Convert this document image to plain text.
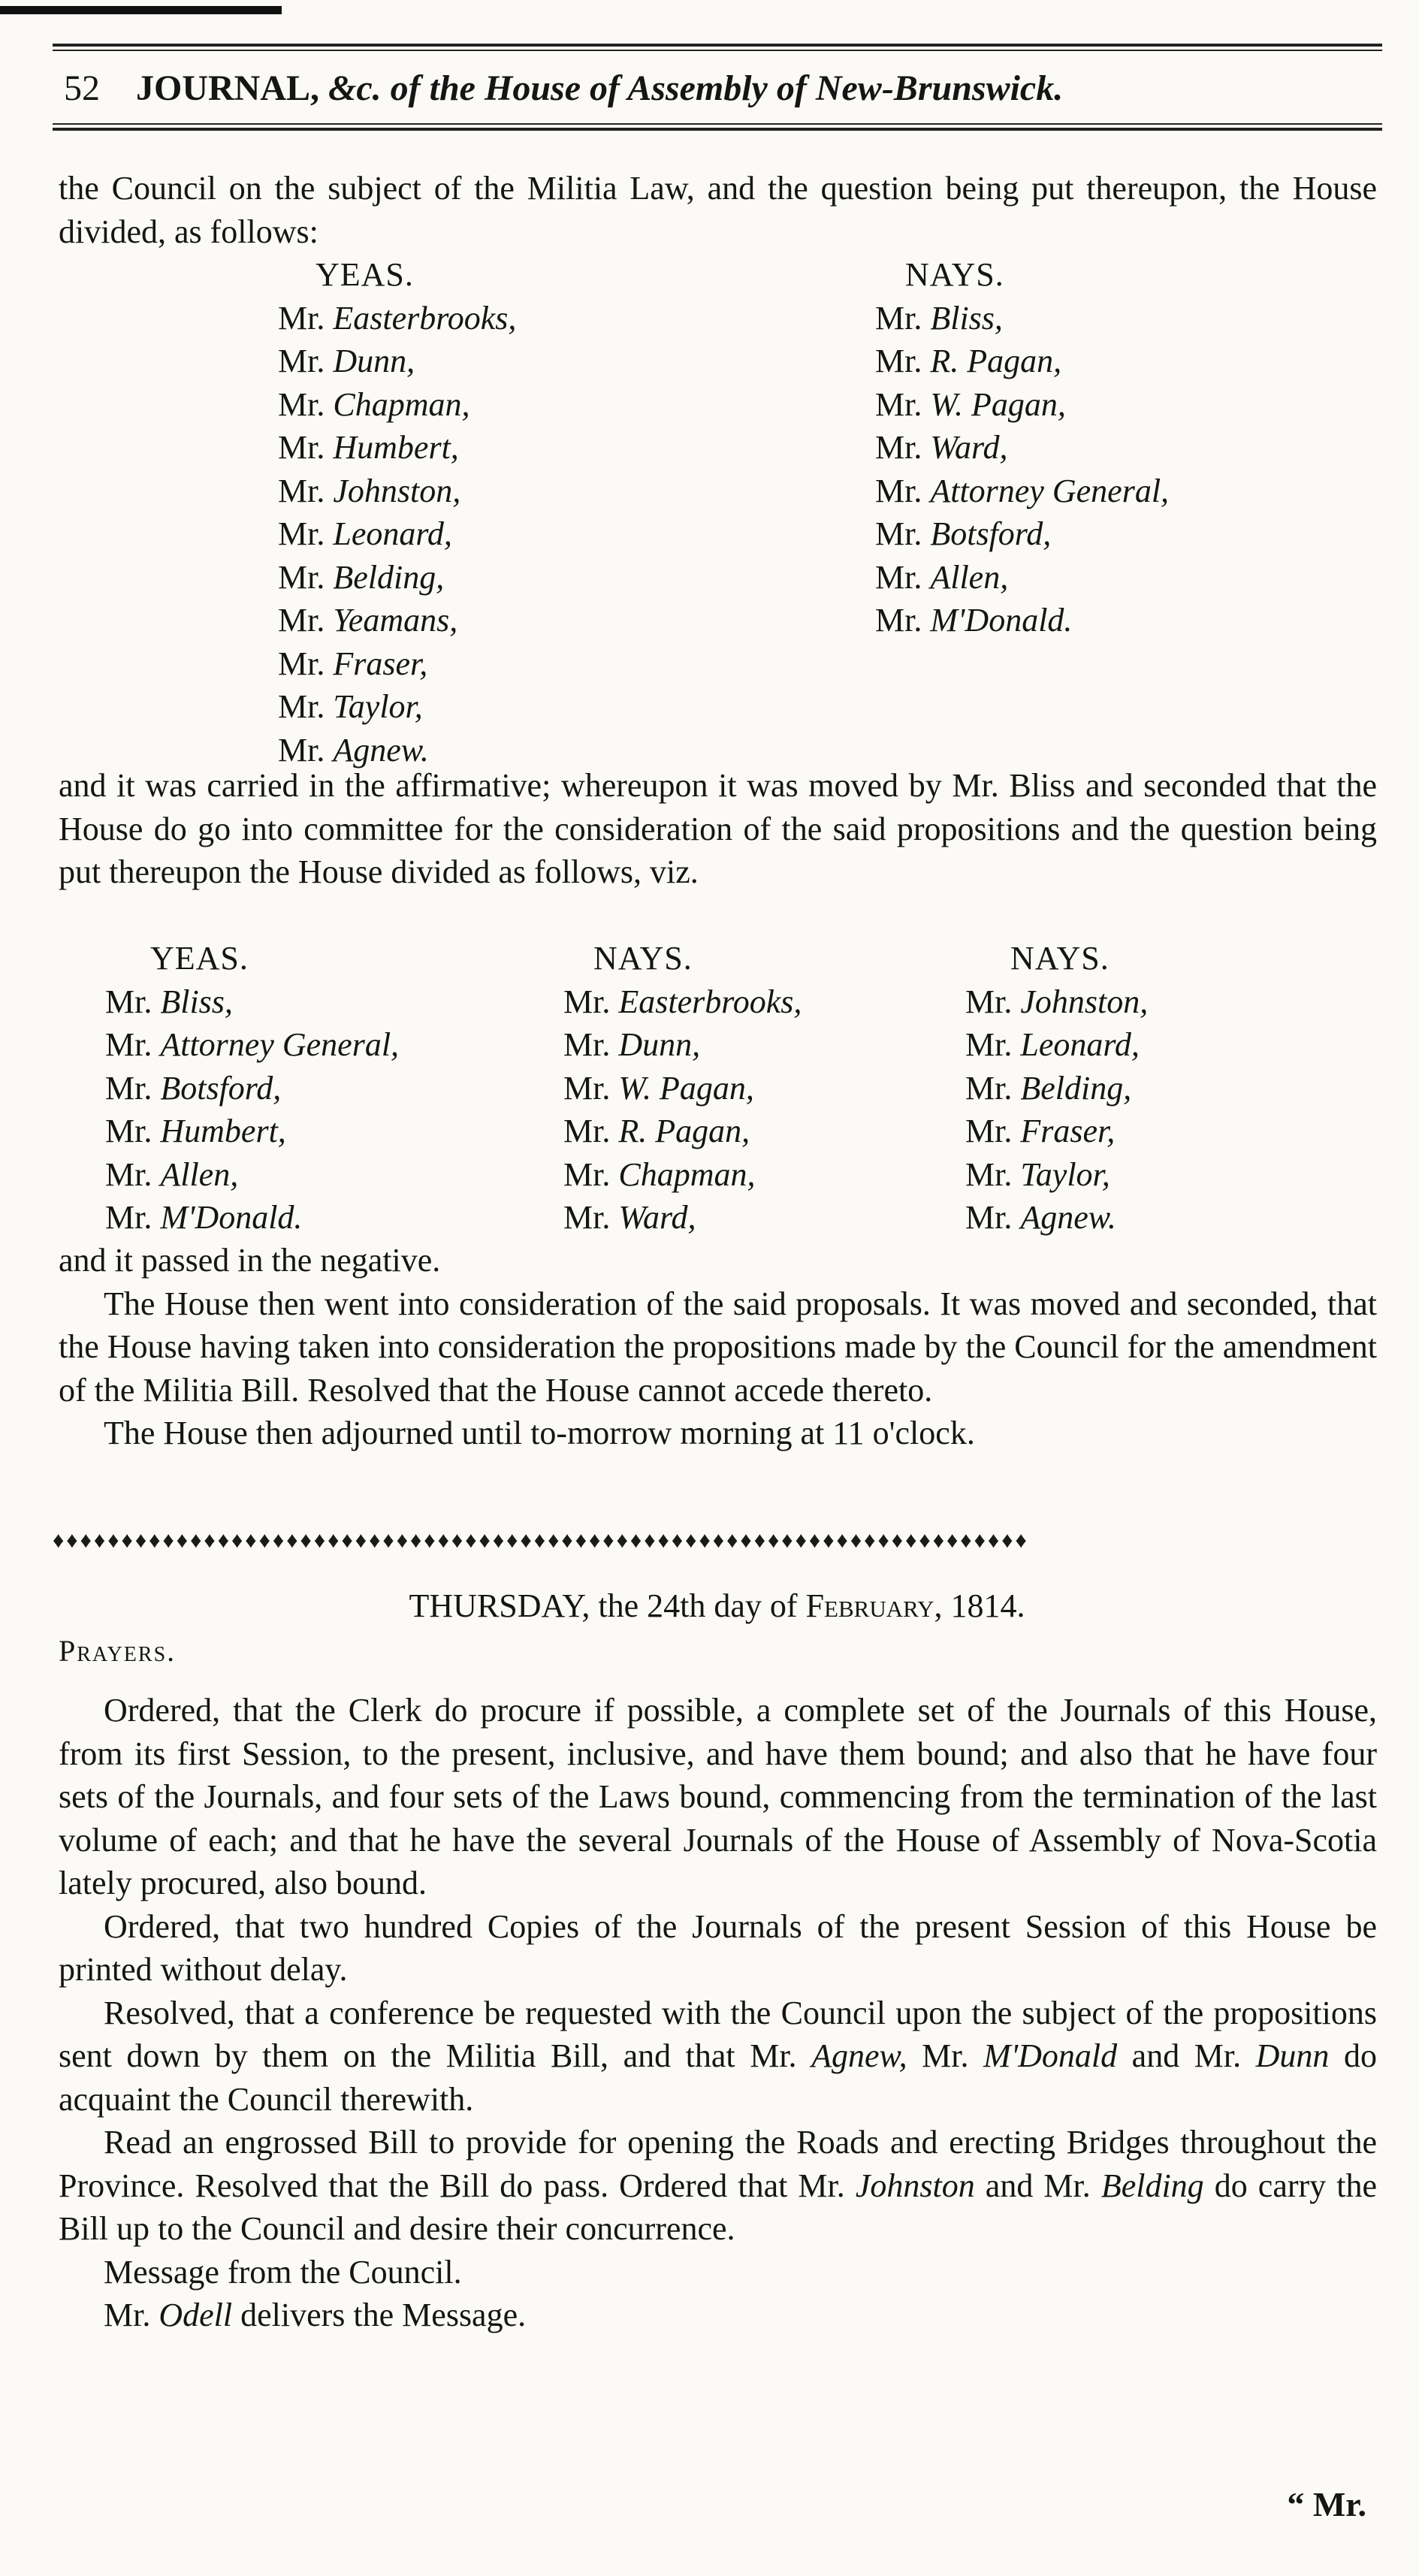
52 JOURNAL, &c. of the House of Assembly of New-Brunswick.

the Council on the subject of the Militia Law, and the question being put thereupon, the House divided, as follows:

YEAS.
Mr. Easterbrooks,
Mr. Dunn,
Mr. Chapman,
Mr. Humbert,
Mr. Johnston,
Mr. Leonard,
Mr. Belding,
Mr. Yeamans,
Mr. Fraser,
Mr. Taylor,
Mr. Agnew.
NAYS.
Mr. Bliss,
Mr. R. Pagan,
Mr. W. Pagan,
Mr. Ward,
Mr. Attorney General,
Mr. Botsford,
Mr. Allen,
Mr. M'Donald.

and it was carried in the affirmative; whereupon it was moved by Mr. Bliss and seconded that the House do go into committee for the consideration of the said propositions and the question being put thereupon the House divided as follows, viz.

YEAS.
Mr. Bliss,
Mr. Attorney General,
Mr. Botsford,
Mr. Humbert,
Mr. Allen,
Mr. M'Donald.
NAYS.
Mr. Easterbrooks,
Mr. Dunn,
Mr. W. Pagan,
Mr. R. Pagan,
Mr. Chapman,
Mr. Ward,
NAYS.
Mr. Johnston,
Mr. Leonard,
Mr. Belding,
Mr. Fraser,
Mr. Taylor,
Mr. Agnew.

and it passed in the negative.

The House then went into consideration of the said proposals. It was moved and seconded, that the House having taken into consideration the propositions made by the Council for the amendment of the Militia Bill. Resolved that the House cannot accede thereto.

The House then adjourned until to-morrow morning at 11 o'clock.

♦♦♦♦♦♦♦♦♦♦♦♦♦♦♦♦♦♦♦♦♦♦♦♦♦♦♦♦♦♦♦♦♦♦♦♦♦♦♦♦♦♦♦♦♦♦♦♦♦♦♦♦♦♦♦♦♦♦♦♦♦♦♦♦♦♦♦♦♦♦♦
THURSDAY, the 24th day of February, 1814.
Prayers.

Ordered, that the Clerk do procure if possible, a complete set of the Journals of this House, from its first Session, to the present, inclusive, and have them bound; and also that he have four sets of the Journals, and four sets of the Laws bound, commencing from the termination of the last volume of each; and that he have the several Journals of the House of Assembly of Nova-Scotia lately procured, also bound.

Ordered, that two hundred Copies of the Journals of the present Session of this House be printed without delay.

Resolved, that a conference be requested with the Council upon the subject of the propositions sent down by them on the Militia Bill, and that Mr. Agnew, Mr. M'Donald and Mr. Dunn do acquaint the Council therewith.

Read an engrossed Bill to provide for opening the Roads and erecting Bridges throughout the Province. Resolved that the Bill do pass. Ordered that Mr. Johnston and Mr. Belding do carry the Bill up to the Council and desire their concurrence.

Message from the Council.

Mr. Odell delivers the Message.

“ Mr.
